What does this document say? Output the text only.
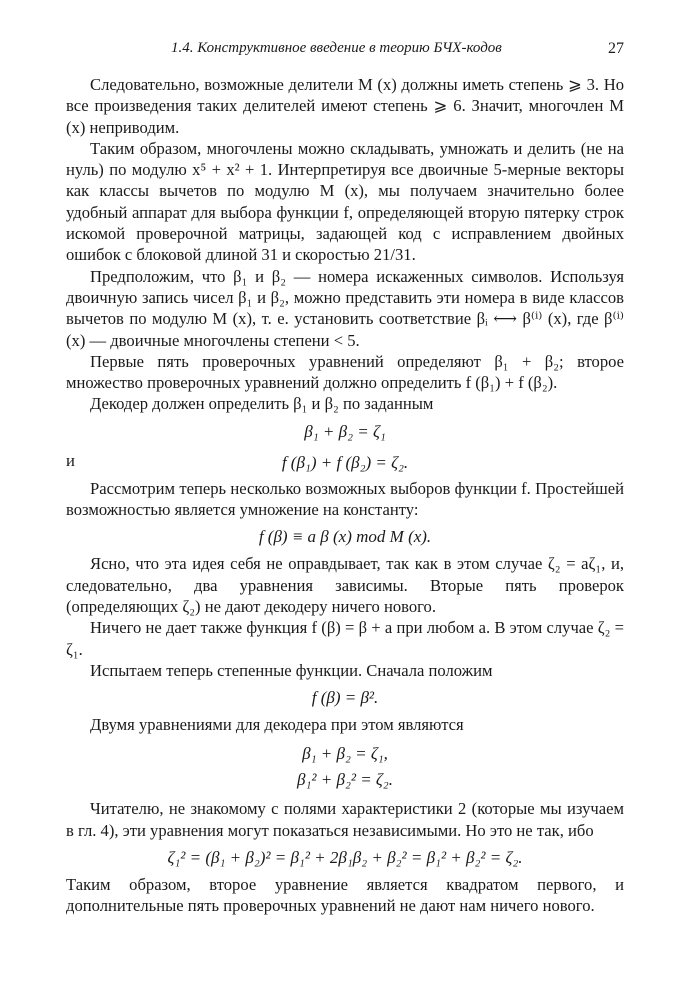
1.4. Конструктивное введение в теорию БЧХ-кодов	27

Следовательно, возможные делители M (x) должны иметь степень ⩾ 3. Но все произведения таких делителей имеют степень ⩾ 6. Значит, многочлен M (x) неприводим.

Таким образом, многочлены можно складывать, умножать и делить (не на нуль) по модулю x⁵ + x² + 1. Интерпретируя все двоичные 5-мерные векторы как классы вычетов по модулю M (x), мы получаем значительно более удобный аппарат для выбора функции f, определяющей вторую пятерку строк искомой проверочной матрицы, задающей код с исправлением двойных ошибок с блоковой длиной 31 и скоростью 21/31.

Предположим, что β₁ и β₂ — номера искаженных символов. Используя двоичную запись чисел β₁ и β₂, можно представить эти номера в виде классов вычетов по модулю M (x), т. е. установить соответствие βᵢ ⟷ β⁽ⁱ⁾ (x), где β⁽ⁱ⁾ (x) — двоичные многочлены степени < 5.

Первые пять проверочных уравнений определяют β₁ + β₂; второе множество проверочных уравнений должно определить f (β₁) + f (β₂).

Декодер должен определить β₁ и β₂ по заданным

β₁ + β₂ = ζ₁
и	f (β₁) + f (β₂) = ζ₂.

Рассмотрим теперь несколько возможных выборов функции f. Простейшей возможностью является умножение на константу:

f (β) ≡ a β (x) mod M (x).

Ясно, что эта идея себя не оправдывает, так как в этом случае ζ₂ = aζ₁, и, следовательно, два уравнения зависимы. Вторые пять проверок (определяющих ζ₂) не дают декодеру ничего нового.

Ничего не дает также функция f (β) = β + a при любом a. В этом случае ζ₂ = ζ₁.

Испытаем теперь степенные функции. Сначала положим

f (β) = β².

Двумя уравнениями для декодера при этом являются

β₁ + β₂ = ζ₁,
β₁² + β₂² = ζ₂.

Читателю, не знакомому с полями характеристики 2 (которые мы изучаем в гл. 4), эти уравнения могут показаться независимыми. Но это не так, ибо

ζ₁² = (β₁ + β₂)² = β₁² + 2β₁β₂ + β₂² = β₁² + β₂² = ζ₂.

Таким образом, второе уравнение является квадратом первого, и дополнительные пять проверочных уравнений не дают нам ничего нового.
